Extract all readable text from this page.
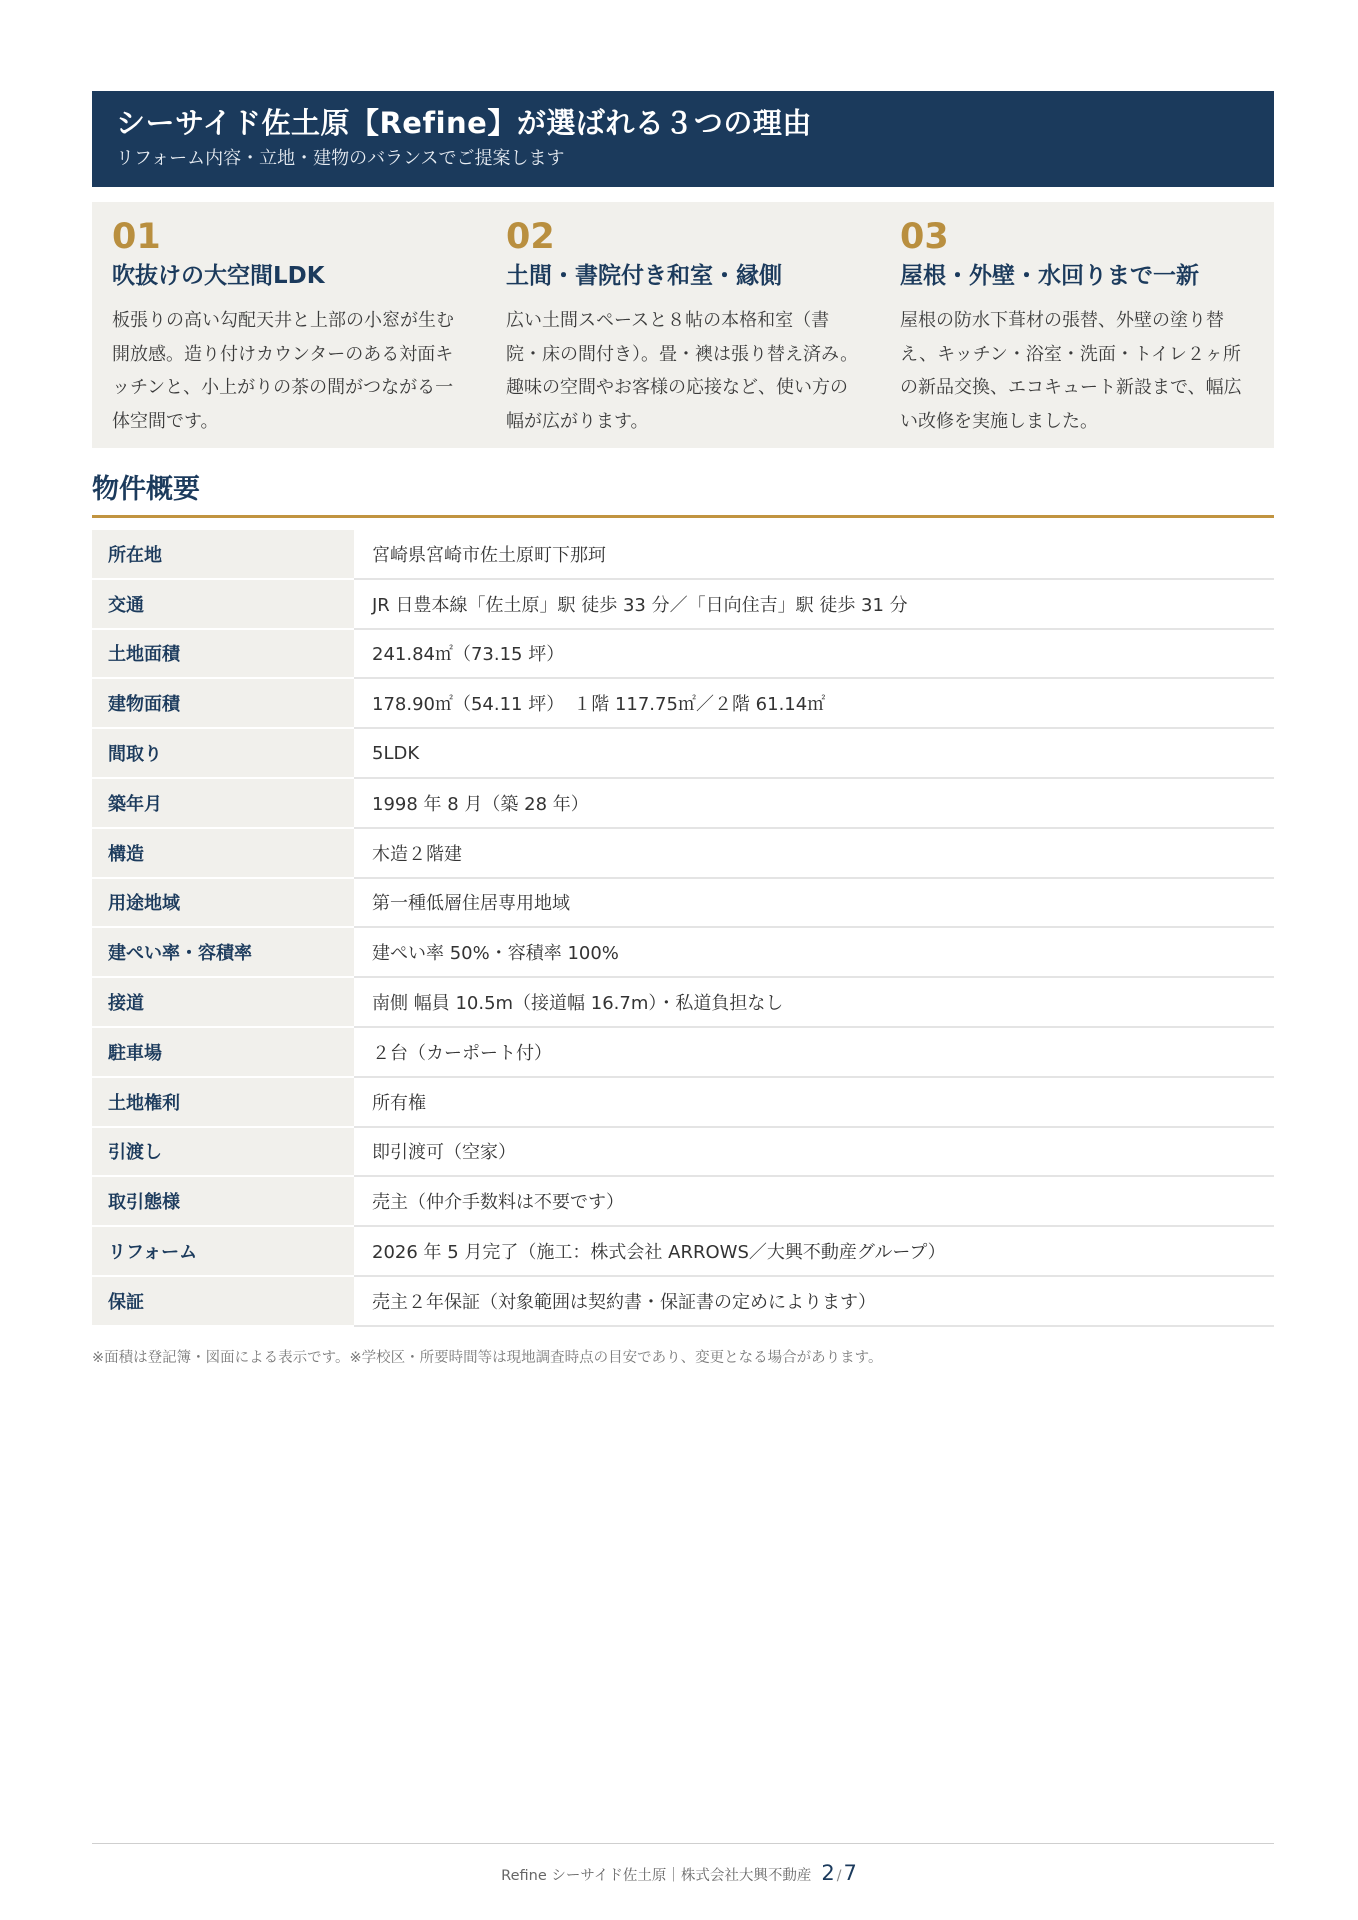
シーサイド佐土原【Refine】が選ばれる３つの理由
リフォーム内容・立地・建物のバランスでご提案します
01
吹抜けの大空間LDK
板張りの高い勾配天井と上部の小窓が生む開放感。造り付けカウンターのある対面キッチンと、小上がりの茶の間がつながる一体空間です。
02
土間・書院付き和室・縁側
広い土間スペースと８帖の本格和室（書院・床の間付き）。畳・襖は張り替え済み。趣味の空間やお客様の応接など、使い方の幅が広がります。
03
屋根・外壁・水回りまで一新
屋根の防水下葺材の張替、外壁の塗り替え、キッチン・浴室・洗面・トイレ２ヶ所の新品交換、エコキュート新設まで、幅広い改修を実施しました。
物件概要
所在地	宮崎県宮崎市佐土原町下那珂
交通	JR 日豊本線「佐土原」駅 徒歩 33 分／「日向住吉」駅 徒歩 31 分
土地面積	241.84㎡（73.15 坪）
建物面積	178.90㎡（54.11 坪）　１階 117.75㎡／２階 61.14㎡
間取り	5LDK
築年月	1998 年 8 月（築 28 年）
構造	木造２階建
用途地域	第一種低層住居専用地域
建ぺい率・容積率	建ぺい率 50%・容積率 100%
接道	南側 幅員 10.5m（接道幅 16.7m）・私道負担なし
駐車場	２台（カーポート付）
土地権利	所有権
引渡し	即引渡可（空家）
取引態様	売主（仲介手数料は不要です）
リフォーム	2026 年 5 月完了（施工：株式会社 ARROWS／大興不動産グループ）
保証	売主２年保証（対象範囲は契約書・保証書の定めによります）
※面積は登記簿・図面による表示です。※学校区・所要時間等は現地調査時点の目安であり、変更となる場合があります。
Refine シーサイド佐土原｜株式会社大興不動産 2 /7
